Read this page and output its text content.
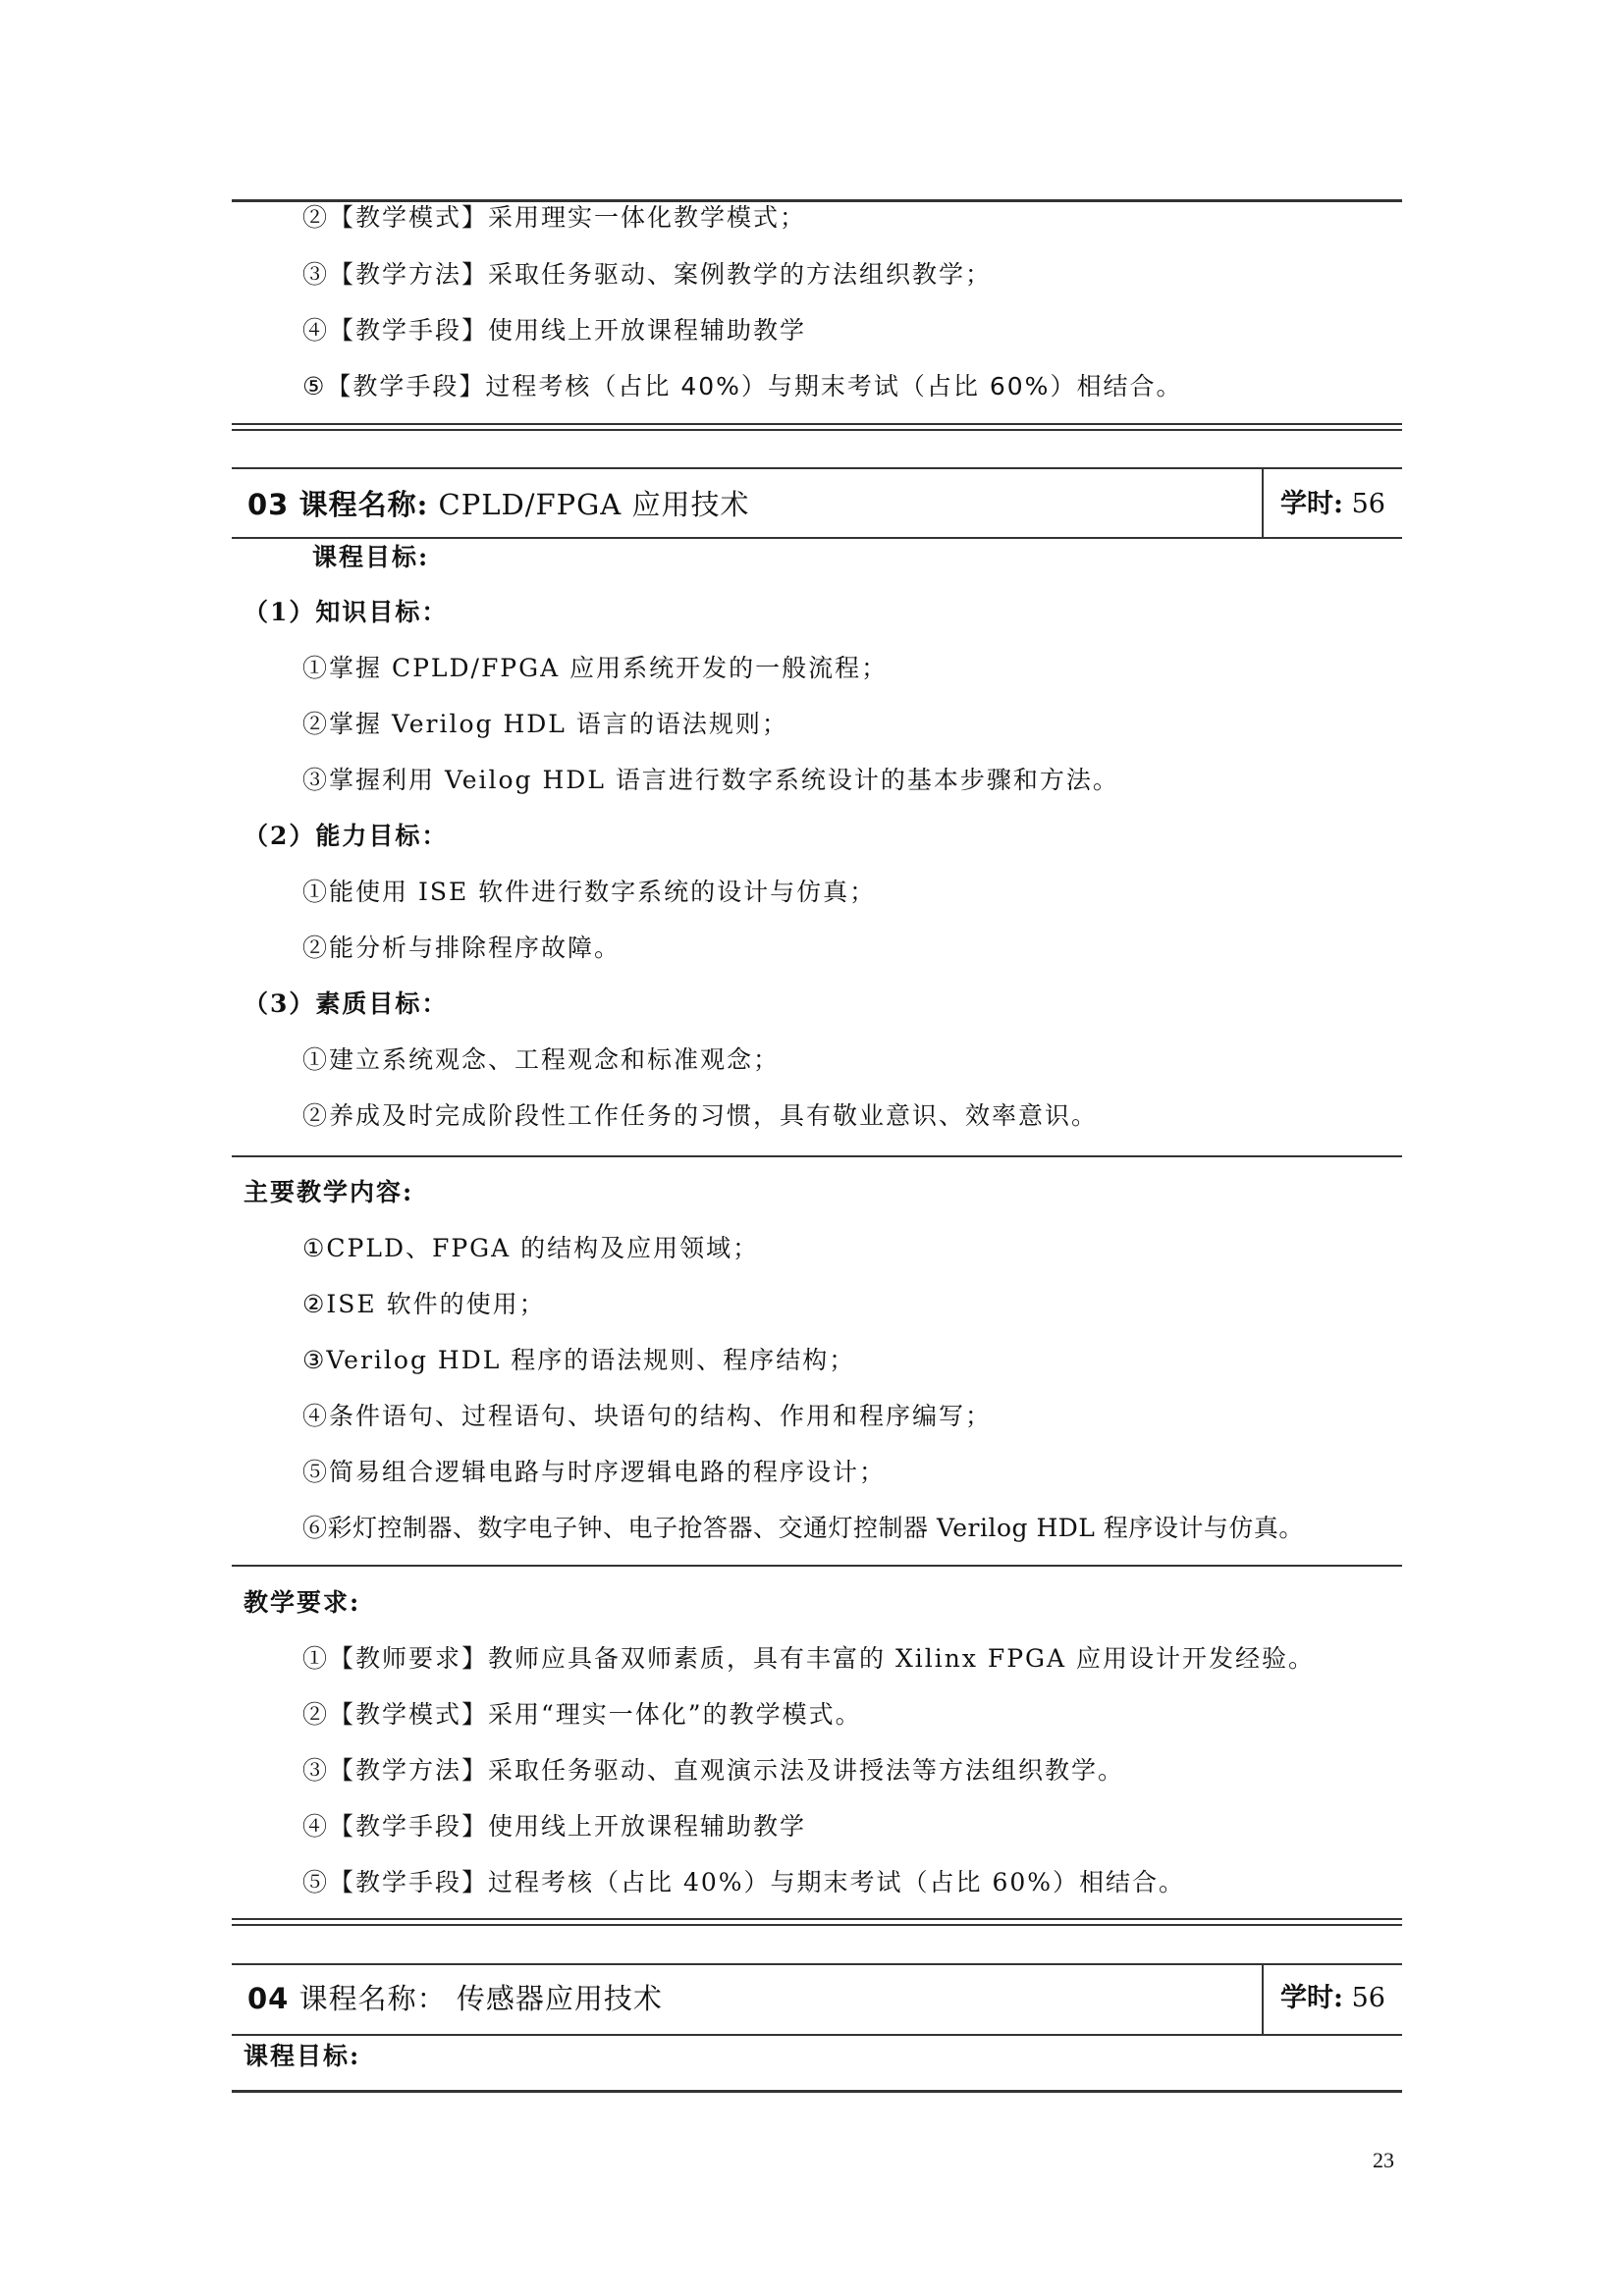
②【教学模式】采用理实一体化教学模式；
③【教学方法】采取任务驱动、案例教学的方法组织教学；
④【教学手段】使用线上开放课程辅助教学
⑤【教学手段】过程考核（占比 40%）与期末考试（占比 60%）相结合。
03 课程名称: CPLD/FPGA 应用技术	学时: 56
课程目标:
（1）知识目标：
①掌握 CPLD/FPGA 应用系统开发的一般流程；
②掌握 Verilog HDL 语言的语法规则；
③掌握利用 Veilog HDL 语言进行数字系统设计的基本步骤和方法。
（2）能力目标：
①能使用 ISE 软件进行数字系统的设计与仿真；
②能分析与排除程序故障。
（3）素质目标：
①建立系统观念、工程观念和标准观念；
②养成及时完成阶段性工作任务的习惯，具有敬业意识、效率意识。
主要教学内容:
①CPLD、FPGA 的结构及应用领域；
②ISE 软件的使用；
③Verilog HDL 程序的语法规则、程序结构；
④条件语句、过程语句、块语句的结构、作用和程序编写；
⑤简易组合逻辑电路与时序逻辑电路的程序设计；
⑥彩灯控制器、数字电子钟、电子抢答器、交通灯控制器 Verilog HDL 程序设计与仿真。
教学要求:
①【教师要求】教师应具备双师素质，具有丰富的 Xilinx FPGA 应用设计开发经验。
②【教学模式】采用“理实一体化”的教学模式。
③【教学方法】采取任务驱动、直观演示法及讲授法等方法组织教学。
④【教学手段】使用线上开放课程辅助教学
⑤【教学手段】过程考核（占比 40%）与期末考试（占比 60%）相结合。
04 课程名称： 传感器应用技术	学时: 56
课程目标:
23
